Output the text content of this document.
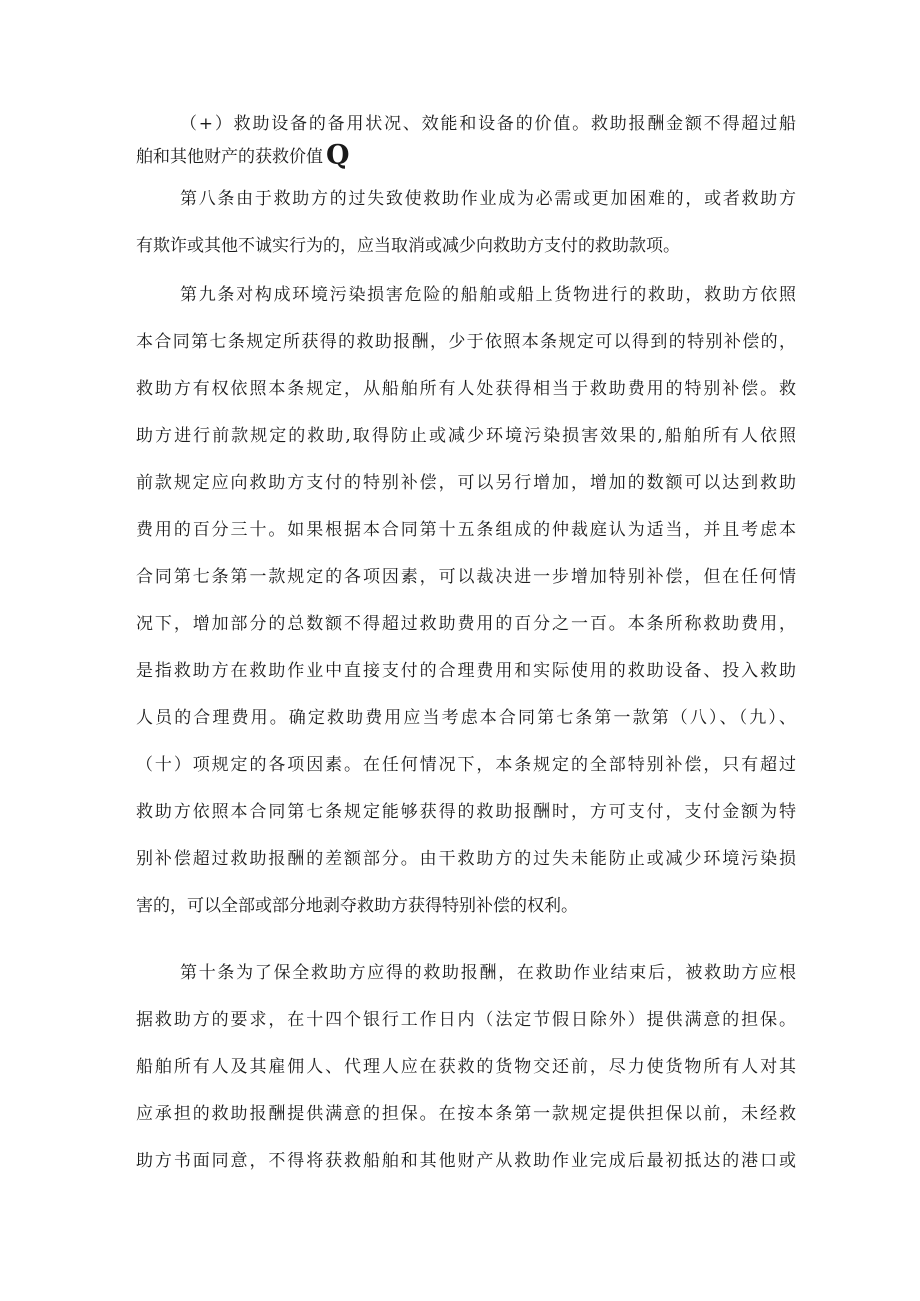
（+）救助设备的备用状况、效能和设备的价值。救助报酬金额不得超过船
舶和其他财产的获救价值 Q
第八条由于救助方的过失致使救助作业成为必需或更加困难的，或者救助方
有欺诈或其他不诚实行为的，应当取消或减少向救助方支付的救助款项。
第九条对构成环境污染损害危险的船舶或船上货物进行的救助，救助方依照
本合同第七条规定所获得的救助报酬，少于依照本条规定可以得到的特别补偿的，
救助方有权依照本条规定，从船舶所有人处获得相当于救助费用的特别补偿。救
助方进行前款规定的救助,取得防止或减少环境污染损害效果的,船舶所有人依照
前款规定应向救助方支付的特别补偿，可以另行增加，增加的数额可以达到救助
费用的百分三十。如果根据本合同第十五条组成的仲裁庭认为适当，并且考虑本
合同第七条第一款规定的各项因素，可以裁决进一步增加特别补偿，但在任何情
况下，增加部分的总数额不得超过救助费用的百分之一百。本条所称救助费用，
是指救助方在救助作业中直接支付的合理费用和实际使用的救助设备、投入救助
人员的合理费用。确定救助费用应当考虑本合同第七条第一款第（八）、（九）、
（十）项规定的各项因素。在任何情况下，本条规定的全部特别补偿，只有超过
救助方依照本合同第七条规定能够获得的救助报酬时，方可支付，支付金额为特
别补偿超过救助报酬的差额部分。由干救助方的过失未能防止或减少环境污染损
害的，可以全部或部分地剥夺救助方获得特别补偿的权利。
第十条为了保全救助方应得的救助报酬，在救助作业结束后，被救助方应根
据救助方的要求，在十四个银行工作日内（法定节假日除外）提供满意的担保。
船舶所有人及其雇佣人、代理人应在获救的货物交还前，尽力使货物所有人对其
应承担的救助报酬提供满意的担保。在按本条第一款规定提供担保以前，未经救
助方书面同意，不得将获救船舶和其他财产从救助作业完成后最初抵达的港口或
